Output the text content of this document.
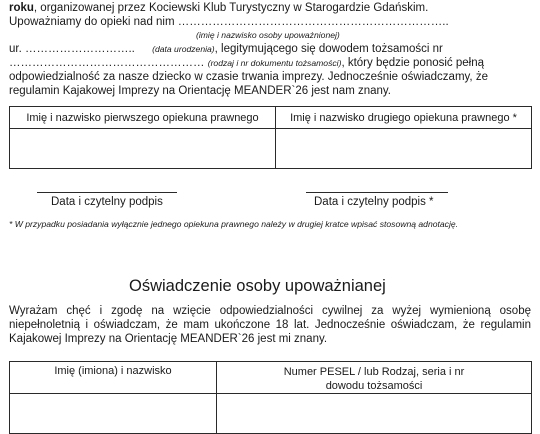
roku, organizowanej przez Kociewski Klub Turystyczny w Starogardzie Gdańskim.
Upoważniamy do opieki nad nim ……………………………………………………………..
(imię i nazwisko osoby upoważnionej)
ur. ……………………….. (data urodzenia), legitymującego się dowodem tożsamości nr
…………………………………………… (rodzaj i nr dokumentu tożsamości), który będzie ponosić pełną
odpowiedzialność za nasze dziecko w czasie trwania imprezy. Jednocześnie oświadczamy, że
regulamin Kajakowej Imprezy na Orientację MEANDER`26 jest nam znany.
Imię i nazwisko pierwszego opiekuna prawnego	Imię i nazwisko drugiego opiekuna prawnego *

Data i czytelny podpis	Data i czytelny podpis *
* W przypadku posiadania wyłącznie jednego opiekuna prawnego należy w drugiej kratce wpisać stosowną adnotację.
Oświadczenie osoby upoważnianej
Wyrażam chęć i zgodę na wzięcie odpowiedzialności cywilnej za wyżej wymienioną osobę niepełnoletnią i oświadczam, że mam ukończone 18 lat. Jednocześnie oświadczam, że regulamin Kajakowej Imprezy na Orientację MEANDER`26 jest mi znany.
Imię (imiona) i nazwisko	Numer PESEL / lub Rodzaj, seria i nr
dowodu tożsamości
